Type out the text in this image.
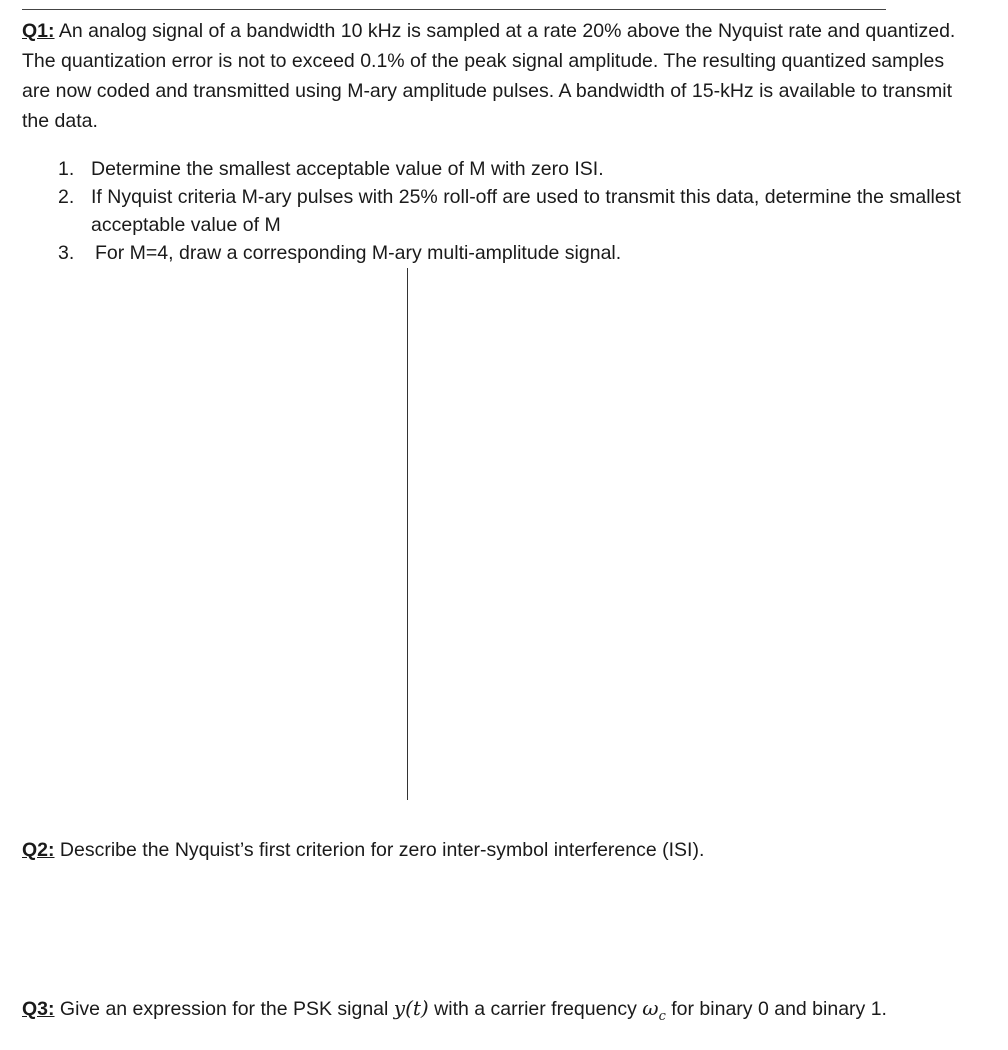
Q1: An analog signal of a bandwidth 10 kHz is sampled at a rate 20% above the Nyquist rate and quantized. The quantization error is not to exceed 0.1% of the peak signal amplitude. The resulting quantized samples are now coded and transmitted using M-ary amplitude pulses. A bandwidth of 15-kHz is available to transmit the data.

1. Determine the smallest acceptable value of M with zero ISI.
2. If Nyquist criteria M-ary pulses with 25% roll-off are used to transmit this data, determine the smallest acceptable value of M
3. For M=4, draw a corresponding M-ary multi-amplitude signal.

Q2: Describe the Nyquist’s first criterion for zero inter-symbol interference (ISI).

Q3: Give an expression for the PSK signal y(t) with a carrier frequency $\omega_c$ for binary 0 and binary 1.
